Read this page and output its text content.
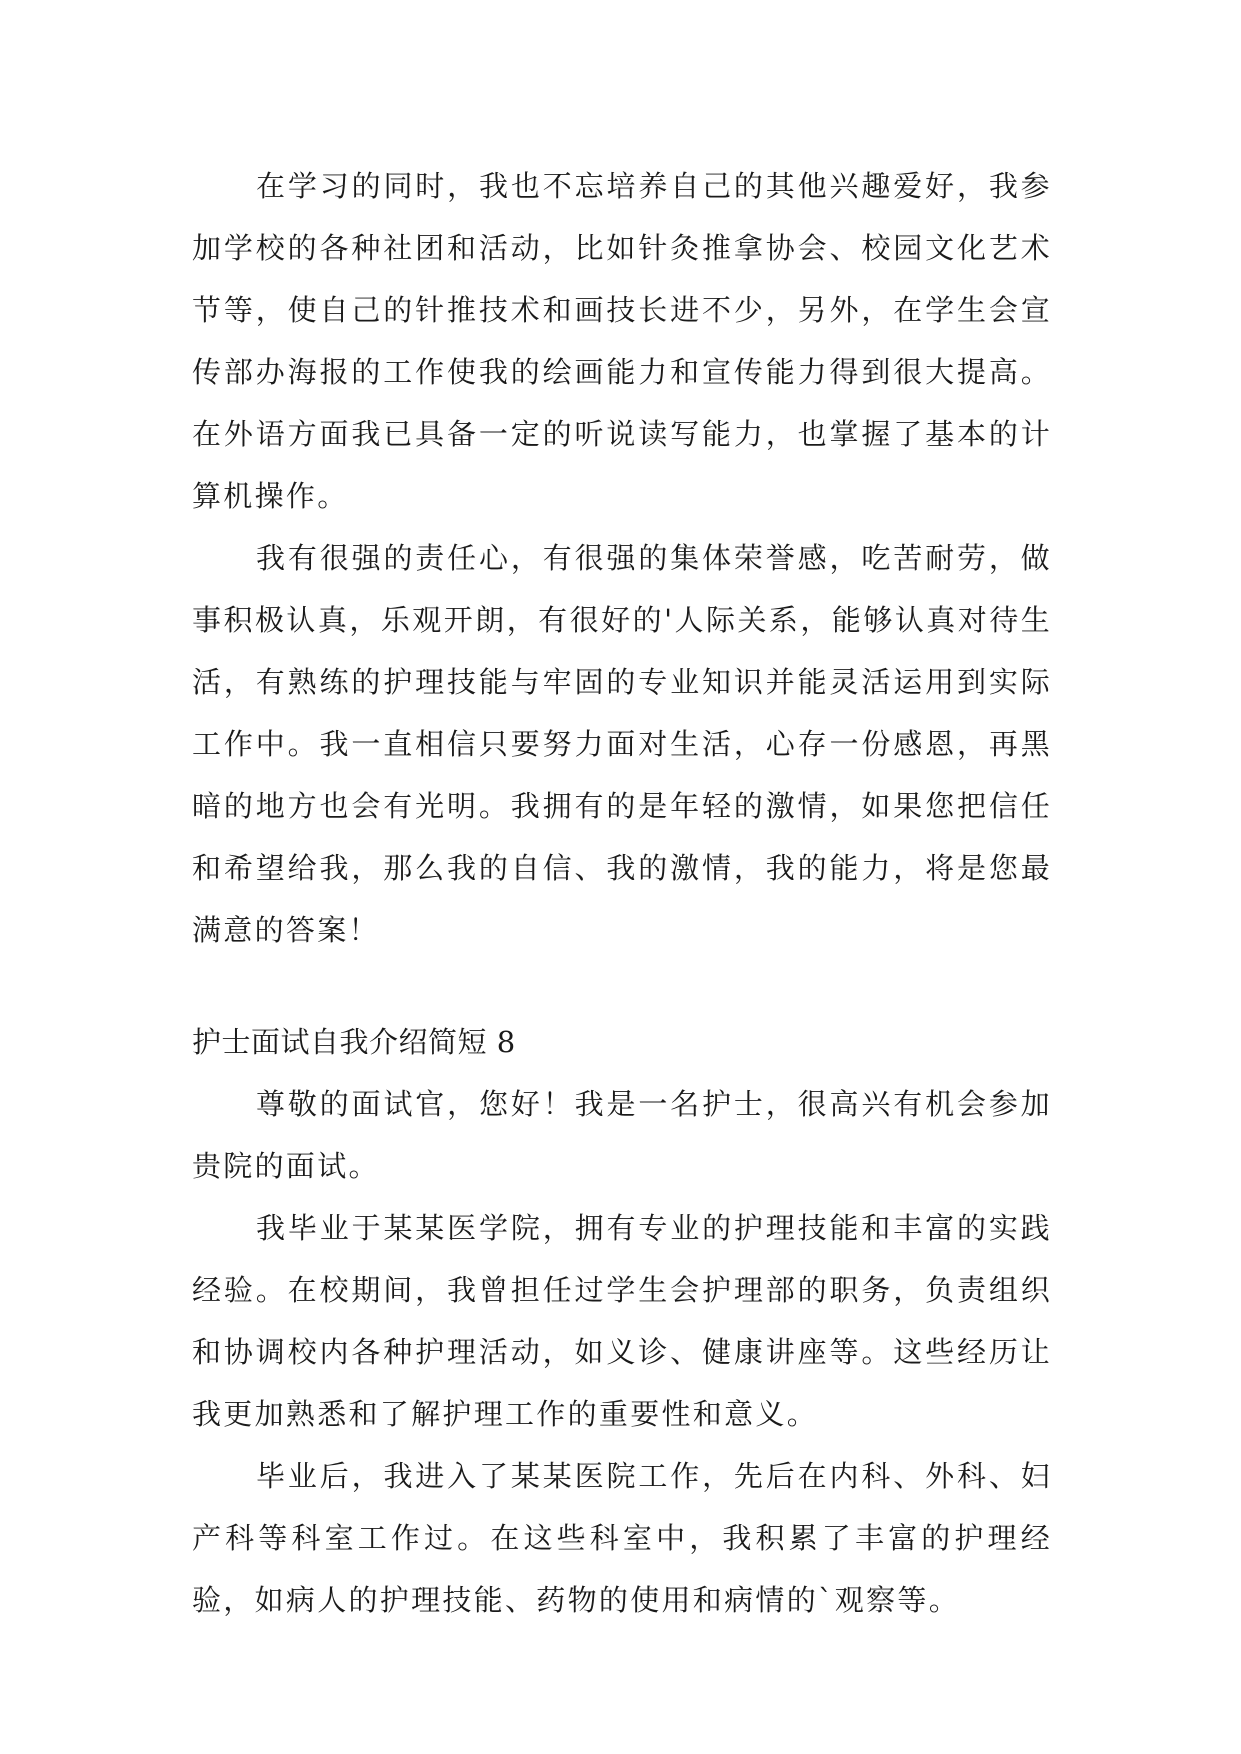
在学习的同时，我也不忘培养自己的其他兴趣爱好，我参加学校的各种社团和活动，比如针灸推拿协会、校园文化艺术节等，使自己的针推技术和画技长进不少，另外，在学生会宣传部办海报的工作使我的绘画能力和宣传能力得到很大提高。在外语方面我已具备一定的听说读写能力，也掌握了基本的计算机操作。

我有很强的责任心，有很强的集体荣誉感，吃苦耐劳，做事积极认真，乐观开朗，有很好的'人际关系，能够认真对待生活，有熟练的护理技能与牢固的专业知识并能灵活运用到实际工作中。我一直相信只要努力面对生活，心存一份感恩，再黑暗的地方也会有光明。我拥有的是年轻的激情，如果您把信任和希望给我，那么我的自信、我的激情，我的能力，将是您最满意的答案！

护士面试自我介绍简短 8

尊敬的面试官，您好！我是一名护士，很高兴有机会参加贵院的面试。

我毕业于某某医学院，拥有专业的护理技能和丰富的实践经验。在校期间，我曾担任过学生会护理部的职务，负责组织和协调校内各种护理活动，如义诊、健康讲座等。这些经历让我更加熟悉和了解护理工作的重要性和意义。

毕业后，我进入了某某医院工作，先后在内科、外科、妇产科等科室工作过。在这些科室中，我积累了丰富的护理经验，如病人的护理技能、药物的使用和病情的`观察等。
